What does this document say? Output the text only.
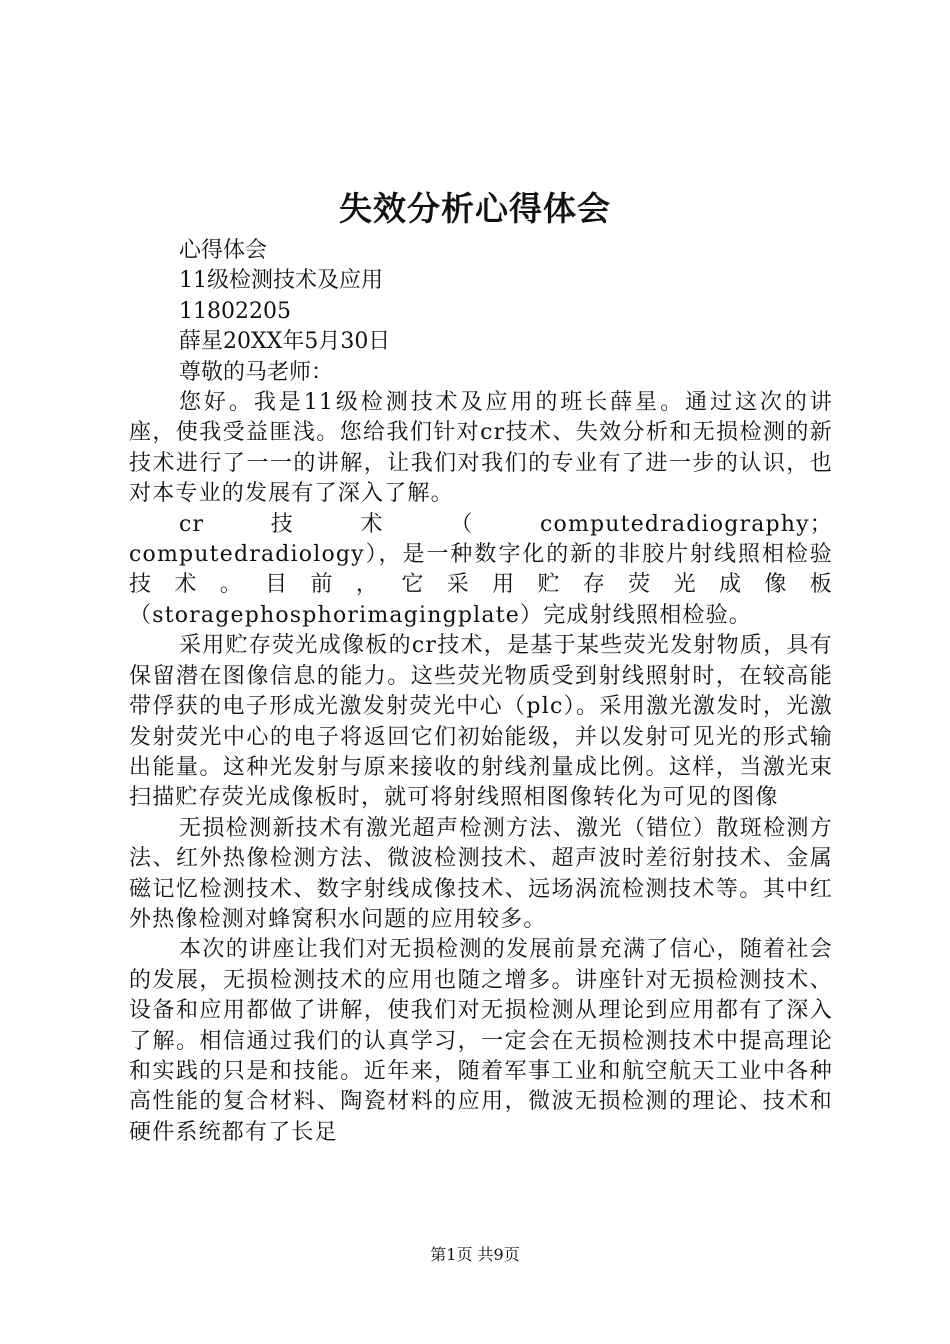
失效分析心得体会

心得体会

11级检测技术及应用

11802205

薛星20XX年5月30日

尊敬的马老师：

您好。我是11级检测技术及应用的班长薛星。通过这次的讲座，使我受益匪浅。您给我们针对cr技术、失效分析和无损检测的新技术进行了一一的讲解，让我们对我们的专业有了进一步的认识，也对本专业的发展有了深入了解。

cr技术（computedradiography；computedradiology），是一种数字化的新的非胶片射线照相检验技术。目前，它采用贮存荧光成像板（storagephosphorimagingplate）完成射线照相检验。

采用贮存荧光成像板的cr技术，是基于某些荧光发射物质，具有保留潜在图像信息的能力。这些荧光物质受到射线照射时，在较高能带俘获的电子形成光激发射荧光中心（plc）。采用激光激发时，光激发射荧光中心的电子将返回它们初始能级，并以发射可见光的形式输出能量。这种光发射与原来接收的射线剂量成比例。这样，当激光束扫描贮存荧光成像板时，就可将射线照相图像转化为可见的图像

无损检测新技术有激光超声检测方法、激光（错位）散斑检测方法、红外热像检测方法、微波检测技术、超声波时差衍射技术、金属磁记忆检测技术、数字射线成像技术、远场涡流检测技术等。其中红外热像检测对蜂窝积水问题的应用较多。

本次的讲座让我们对无损检测的发展前景充满了信心，随着社会的发展，无损检测技术的应用也随之增多。讲座针对无损检测技术、设备和应用都做了讲解，使我们对无损检测从理论到应用都有了深入了解。相信通过我们的认真学习，一定会在无损检测技术中提高理论和实践的只是和技能。近年来，随着军事工业和航空航天工业中各种高性能的复合材料、陶瓷材料的应用，微波无损检测的理论、技术和硬件系统都有了长足

第1页 共9页
